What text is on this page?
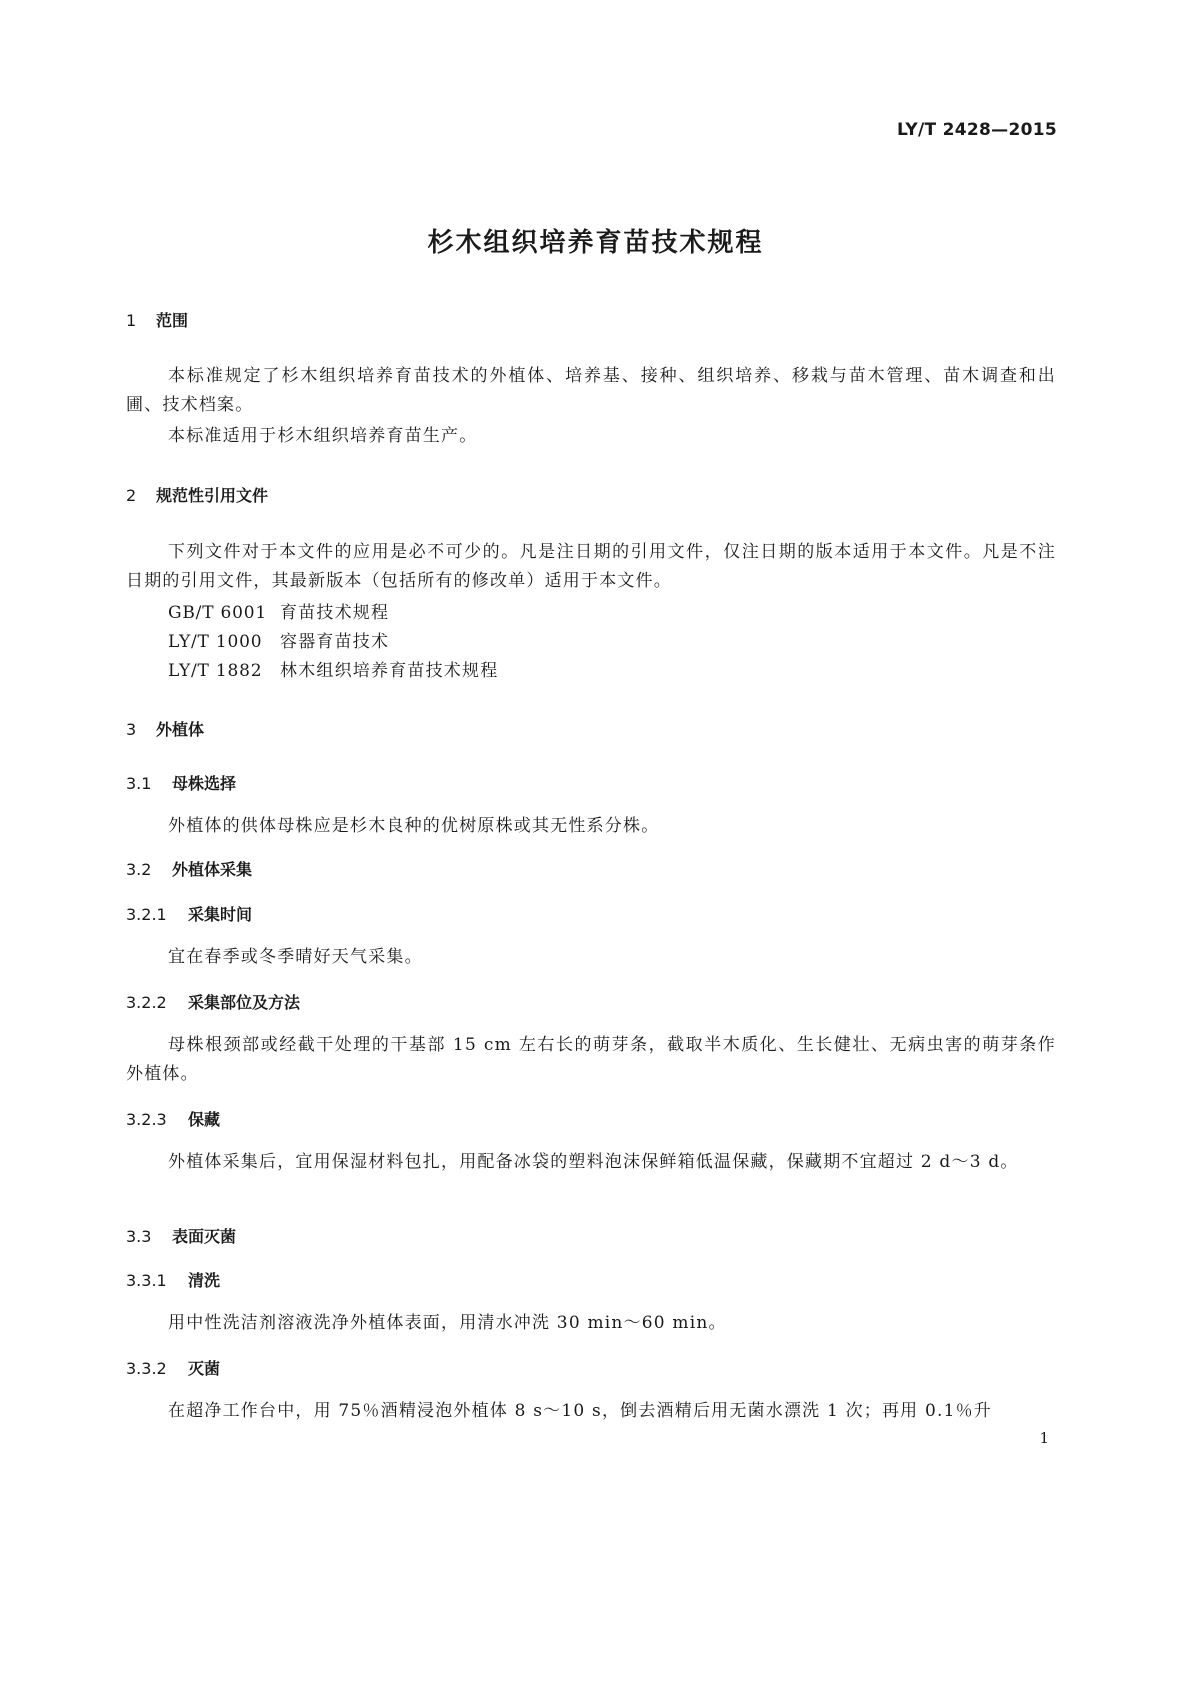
LY/T 2428—2015
杉木组织培养育苗技术规程
1 范围
本标准规定了杉木组织培养育苗技术的外植体、培养基、接种、组织培养、移栽与苗木管理、苗木调查和出圃、技术档案。
本标准适用于杉木组织培养育苗生产。
2 规范性引用文件
下列文件对于本文件的应用是必不可少的。凡是注日期的引用文件，仅注日期的版本适用于本文件。凡是不注日期的引用文件，其最新版本（包括所有的修改单）适用于本文件。
GB/T 6001 育苗技术规程
LY/T 1000 容器育苗技术
LY/T 1882 林木组织培养育苗技术规程
3 外植体
3.1 母株选择
外植体的供体母株应是杉木良种的优树原株或其无性系分株。
3.2 外植体采集
3.2.1 采集时间
宜在春季或冬季晴好天气采集。
3.2.2 采集部位及方法
母株根颈部或经截干处理的干基部 15 cm 左右长的萌芽条，截取半木质化、生长健壮、无病虫害的萌芽条作外植体。
3.2.3 保藏
外植体采集后，宜用保湿材料包扎，用配备冰袋的塑料泡沫保鲜箱低温保藏，保藏期不宜超过 2 d～3 d。
3.3 表面灭菌
3.3.1 清洗
用中性洗洁剂溶液洗净外植体表面，用清水冲洗 30 min～60 min。
3.3.2 灭菌
在超净工作台中，用 75％酒精浸泡外植体 8 s～10 s，倒去酒精后用无菌水漂洗 1 次；再用 0.1％升
1
